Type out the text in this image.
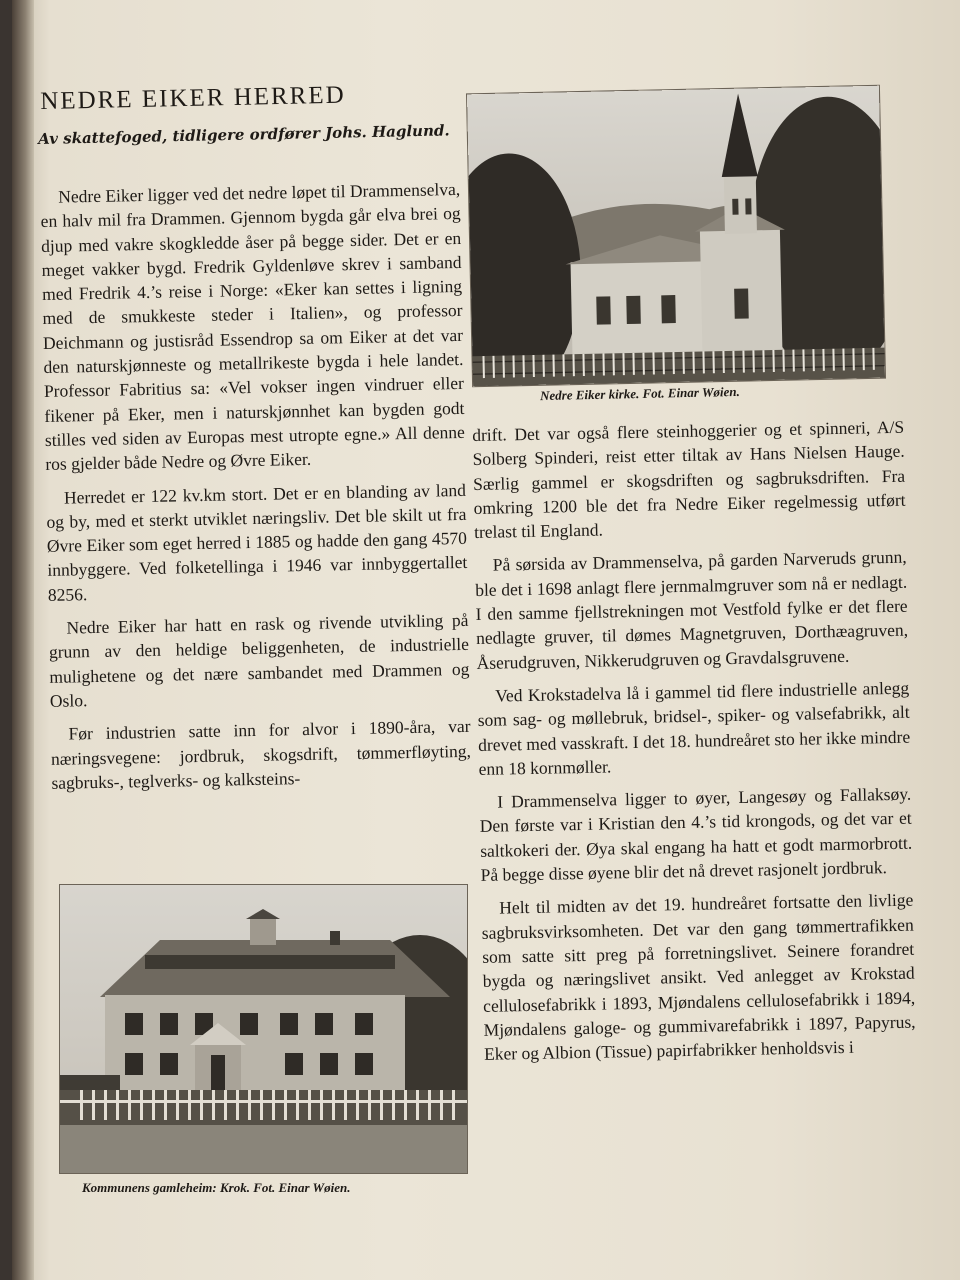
NEDRE EIKER HERRED
Av skattefoged, tidligere ordfører Johs. Haglund.

Nedre Eiker ligger ved det nedre løpet til Drammenselva, en halv mil fra Drammen. Gjennom bygda går elva brei og djup med vakre skogkledde åser på begge sider. Det er en meget vakker bygd. Fredrik Gyldenløve skrev i samband med Fredrik 4.’s reise i Norge: «Eker kan settes i ligning med de smukkeste steder i Italien», og professor Deichmann og justisråd Essendrop sa om Eiker at det var den naturskjønneste og metallrikeste bygda i hele landet. Professor Fabritius sa: «Vel vokser ingen vindruer eller fikener på Eker, men i naturskjønnhet kan bygden godt stilles ved siden av Europas mest utropte egne.» All denne ros gjelder både Nedre og Øvre Eiker.

Herredet er 122 kv.km stort. Det er en blanding av land og by, med et sterkt utviklet næringsliv. Det ble skilt ut fra Øvre Eiker som eget herred i 1885 og hadde den gang 4570 innbyggere. Ved folketellinga i 1946 var innbyggertallet 8256.

Nedre Eiker har hatt en rask og rivende utvikling på grunn av den heldige beliggenheten, de industrielle mulighetene og det nære sambandet med Drammen og Oslo.

Før industrien satte inn for alvor i 1890-åra, var næringsvegene: jordbruk, skogsdrift, tømmerfløyting, sagbruks-, teglverks- og kalksteins-

drift. Det var også flere steinhoggerier og et spinneri, A/S Solberg Spinderi, reist etter tiltak av Hans Nielsen Hauge. Særlig gammel er skogsdriften og sagbruksdriften. Fra omkring 1200 ble det fra Nedre Eiker regelmessig utført trelast til England.

På sørsida av Drammenselva, på garden Narveruds grunn, ble det i 1698 anlagt flere jernmalmgruver som nå er nedlagt. I den samme fjellstrekningen mot Vestfold fylke er det flere nedlagte gruver, til dømes Magnetgruven, Dorthæagruven, Åserudgruven, Nikkerudgruven og Gravdalsgruvene.

Ved Krokstadelva lå i gammel tid flere industrielle anlegg som sag- og møllebruk, bridsel-, spiker- og valsefabrikk, alt drevet med vasskraft. I det 18. hundreåret sto her ikke mindre enn 18 kornmøller.

I Drammenselva ligger to øyer, Langesøy og Fallaksøy. Den første var i Kristian den 4.’s tid krongods, og det var et saltkokeri der. Øya skal engang ha hatt et godt marmorbrott. På begge disse øyene blir det nå drevet rasjonelt jordbruk.

Helt til midten av det 19. hundreåret fortsatte den livlige sagbruksvirksomheten. Det var den gang tømmertrafikken som satte sitt preg på forretningslivet. Seinere forandret bygda og næringslivet ansikt. Ved anlegget av Krokstad cellulosefabrikk i 1893, Mjøndalens cellulosefabrikk i 1894, Mjøndalens galoge- og gummivarefabrikk i 1897, Papyrus, Eker og Albion (Tissue) papirfabrikker henholdsvis i

Nedre Eiker kirke. Fot. Einar Wøien.
Kommunens gamleheim: Krok. Fot. Einar Wøien.
